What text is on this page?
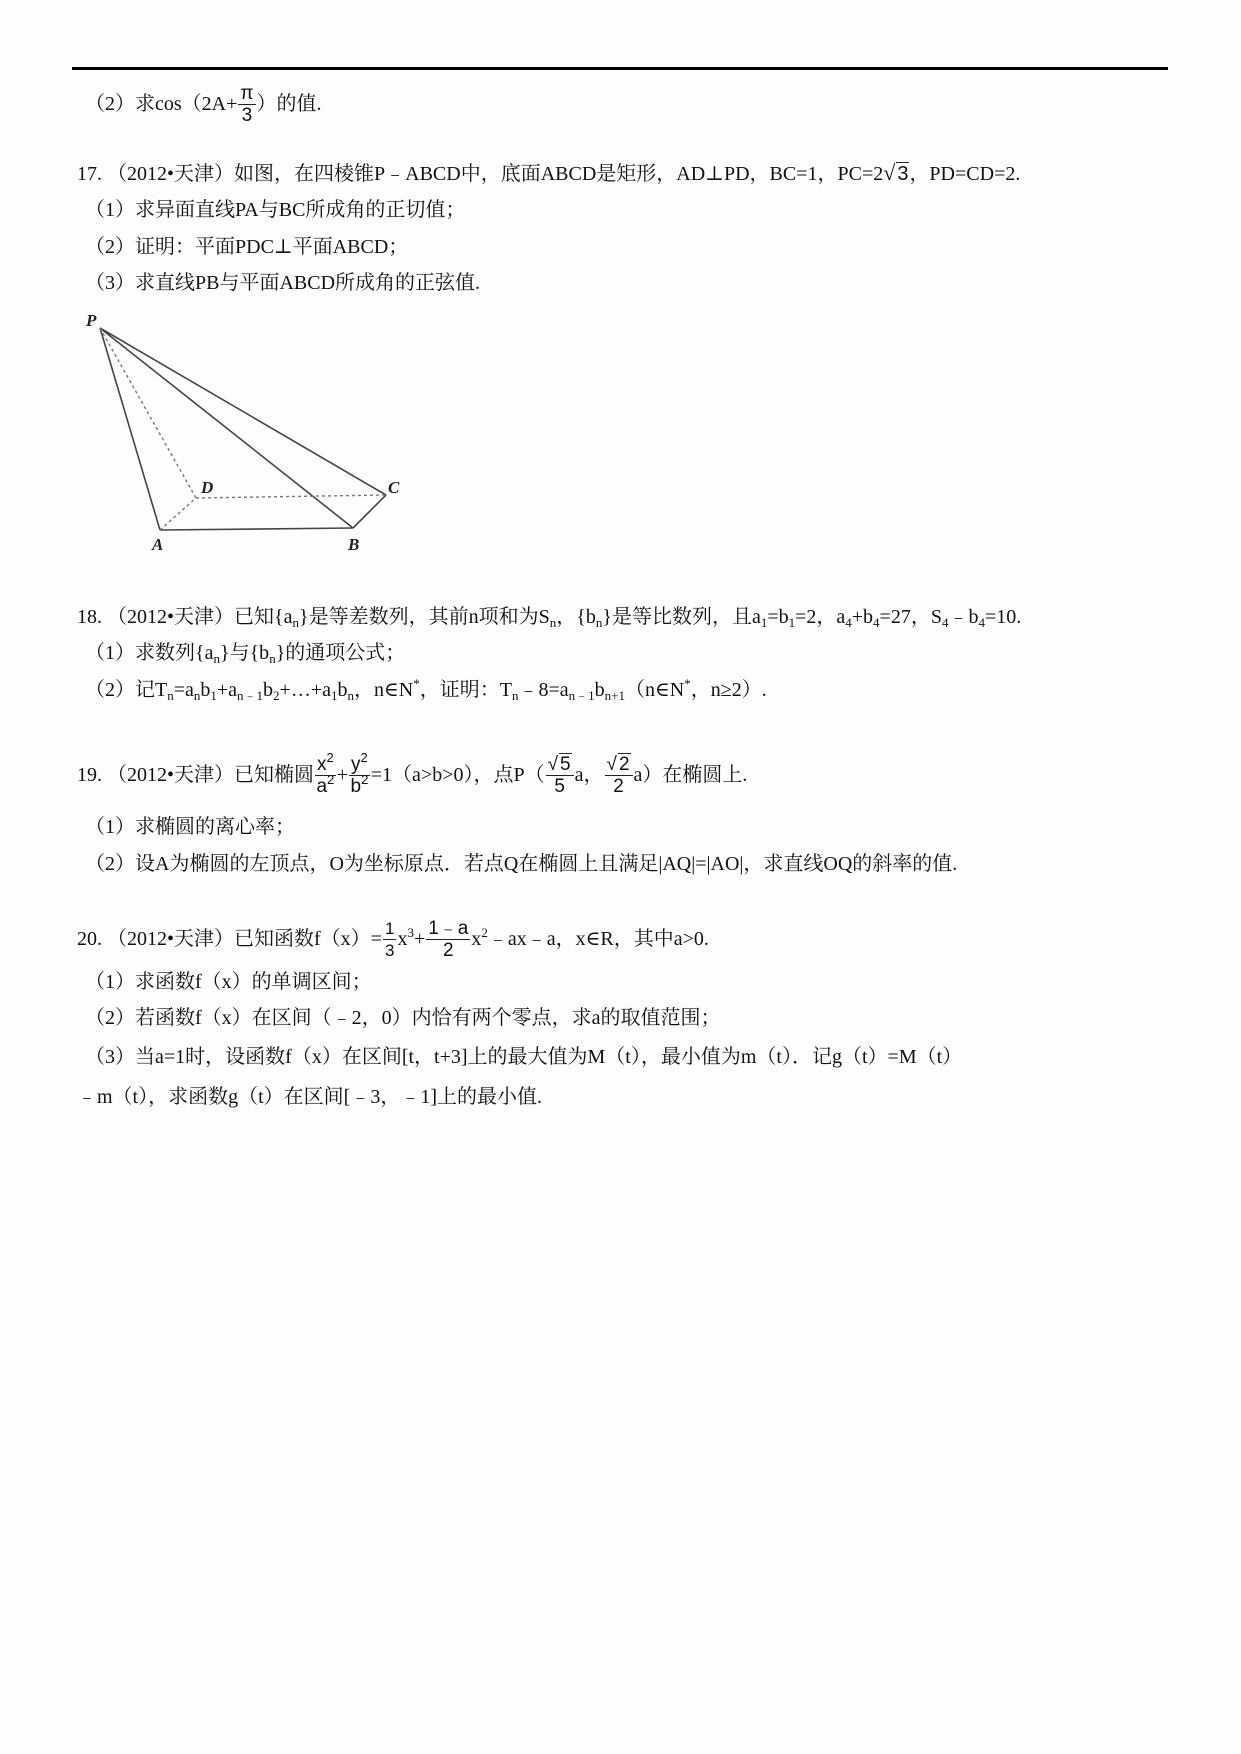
（2）求$\cos(2A+ \frac{\pi}{3}$ ）的值.
17. （2012•天津）如图，在四棱锥P﹣ABCD中，底面ABCD是矩形，AD⊥PD，BC=1，PC=2√ 3，PD=CD=2.
（1）求异面直线PA与BC所成角的正切值；
（2）证明：平面PDC⊥平面ABCD；
（3）求直线PB与平面ABCD所成角的正弦值.
P
A	B
C
D
18. （2012•天津）已知$\{a_n\}$是等差数列，其前n项和为$S_n$，$\{b_n\}$是等比数列，且$a_1=b_1=2$，$a_4+b_4=27$，$S_4﹣b_4=10$.
（1）求数列$\{a_n\}$与$\{b_n\}$的通项公式；
（2）记$T_n=a_nb_1+a_{n﹣1}b_2+\dots+a_1b_n$，n∈N*，证明：$T_n﹣8=a_{n﹣1}b_{n+1}(n\in N^*$，n≥2）.
19. （2012•天津）已知椭圆 $\frac{x^2}{a^2} + \frac{y^2}{b^2} =1(a>b>0)$，点$P( \frac{√ 5}{5}$ a， $\frac{√ 2}{2} a$）在椭圆上.
（1）求椭圆的离心率；
（2）设A为椭圆的左顶点，O为坐标原点．若点Q在椭圆上且满足|AQ|=|AO|，求直线OQ的斜率的值.
20. （2012•天津）已知函数$f(x)= \frac{1}{3} x^3+ \frac{1﹣a}{2}$ $x^2﹣ax﹣a$，x∈R，其中a>0.
（1）求函数f（x）的单调区间；
（2）若函数f（x）在区间（﹣2，0）内恰有两个零点，求a的取值范围；
（3）当a=1时，设函数f（x）在区间[t，t+3]上的最大值为M（t），最小值为m（t）．记g（t）=M（t）
﹣m（t），求函数g（t）在区间[﹣3，﹣1]上的最小值.
